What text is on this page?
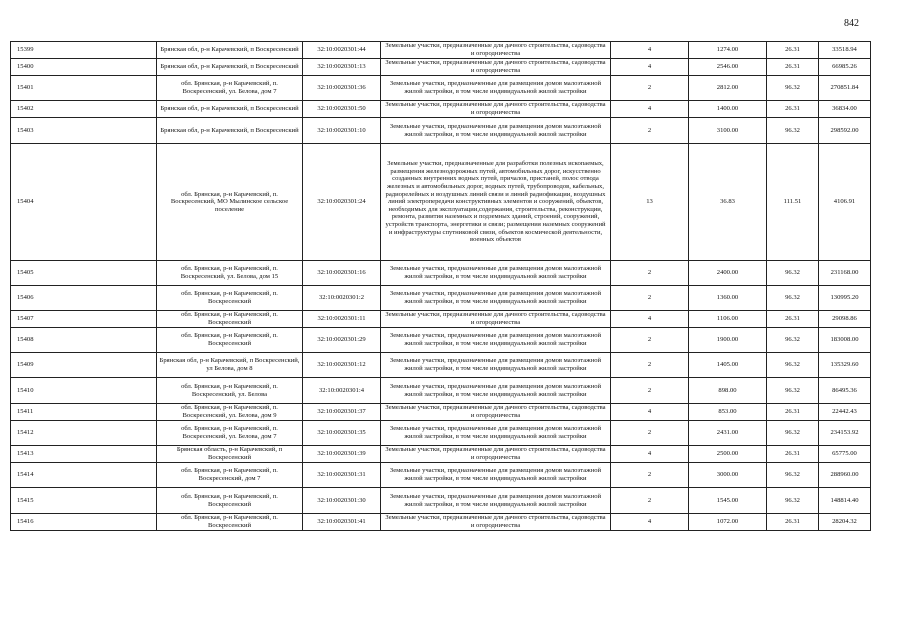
842
15399	Брянская обл, р-н Карачевский, п Воскресенский	32:10:0020301:44	Земельные участки, предназначенные для дачного строительства, садоводства и огородничества	4	1274.00	26.31	33518.94
15400	Брянская обл, р-н Карачевский, п Воскресенский	32:10:0020301:13	Земельные участки, предназначенные для дачного строительства, садоводства и огородничества	4	2546.00	26.31	66985.26
15401	обл. Брянская, р-н Карачевский, п. Воскресенский, ул. Белова, дом 7	32:10:0020301:36	Земельные участки, предназначенные для размещения домов малоэтажной жилой застройки, в том числе индивидуальной жилой застройки	2	2812.00	96.32	270851.84
15402	Брянская обл, р-н Карачевский, п Воскресенский	32:10:0020301:50	Земельные участки, предназначенные для дачного строительства, садоводства и огородничества	4	1400.00	26.31	36834.00
15403	Брянская обл, р-н Карачевский, п Воскресенский	32:10:0020301:10	Земельные участки, предназначенные для размещения домов малоэтажной жилой застройки, в том числе индивидуальной жилой застройки	2	3100.00	96.32	298592.00
15404	обл. Брянская, р-н Карачевский, п. Воскресенский, МО Мылинское сельское поселение	32:10:0020301:24	Земельные участки, предназначенные для разработки полезных ископаемых, размещения железнодорожных путей, автомобильных дорог, искусственно созданных внутренних водных путей, причалов, пристаней, полос отвода железных и автомобильных дорог, водных путей, трубопроводов, кабельных, радиорелейных и воздушных линий связи и линий радиофикации, воздушных линий электропередачи конструктивных элементов и сооружений, объектов, необходимых для эксплуатации,содержания, строительства, реконструкции, ремонта, развития наземных и подземных зданий, строений, сооружений, устройств транспорта, энергетики и связи; размещения наземных сооружений и инфраструктуры спутниковой связи, объектов космической деятельности, военных объектов	13	36.83	111.51	4106.91
15405	обл. Брянская, р-н Карачевский, п. Воскресенский, ул. Белова, дом 15	32:10:0020301:16	Земельные участки, предназначенные для размещения домов малоэтажной жилой застройки, в том числе индивидуальной жилой застройки	2	2400.00	96.32	231168.00
15406	обл. Брянская, р-н Карачевский, п. Воскресенский	32:10:0020301:2	Земельные участки, предназначенные для размещения домов малоэтажной жилой застройки, в том числе индивидуальной жилой застройки	2	1360.00	96.32	130995.20
15407	обл. Брянская, р-н Карачевский, п. Воскресенский	32:10:0020301:11	Земельные участки, предназначенные для дачного строительства, садоводства и огородничества	4	1106.00	26.31	29098.86
15408	обл. Брянская, р-н Карачевский, п. Воскресенский	32:10:0020301:29	Земельные участки, предназначенные для размещения домов малоэтажной жилой застройки, в том числе индивидуальной жилой застройки	2	1900.00	96.32	183008.00
15409	Брянская обл, р-н Карачевский, п Воскресенский, ул Белова, дом 8	32:10:0020301:12	Земельные участки, предназначенные для размещения домов малоэтажной жилой застройки, в том числе индивидуальной жилой застройки	2	1405.00	96.32	135329.60
15410	обл. Брянская, р-н Карачевский, п. Воскресенский, ул. Белова	32:10:0020301:4	Земельные участки, предназначенные для размещения домов малоэтажной жилой застройки, в том числе индивидуальной жилой застройки	2	898.00	96.32	86495.36
15411	обл. Брянская, р-н Карачевский, п. Воскресенский, ул. Белова, дом 9	32:10:0020301:37	Земельные участки, предназначенные для дачного строительства, садоводства и огородничества	4	853.00	26.31	22442.43
15412	обл. Брянская, р-н Карачевский, п. Воскресенский, ул. Белова, дом 7	32:10:0020301:35	Земельные участки, предназначенные для размещения домов малоэтажной жилой застройки, в том числе индивидуальной жилой застройки	2	2431.00	96.32	234153.92
15413	Брянская область, р-н Карачевский, п Воскресенский	32:10:0020301:39	Земельные участки, предназначенные для дачного строительства, садоводства и огородничества	4	2500.00	26.31	65775.00
15414	обл. Брянская, р-н Карачевский, п. Воскресенский, дом 7	32:10:0020301:31	Земельные участки, предназначенные для размещения домов малоэтажной жилой застройки, в том числе индивидуальной жилой застройки	2	3000.00	96.32	288960.00
15415	обл. Брянская, р-н Карачевский, п. Воскресенский	32:10:0020301:30	Земельные участки, предназначенные для размещения домов малоэтажной жилой застройки, в том числе индивидуальной жилой застройки	2	1545.00	96.32	148814.40
15416	обл. Брянская, р-н Карачевский, п. Воскресенский	32:10:0020301:41	Земельные участки, предназначенные для дачного строительства, садоводства и огородничества	4	1072.00	26.31	28204.32
